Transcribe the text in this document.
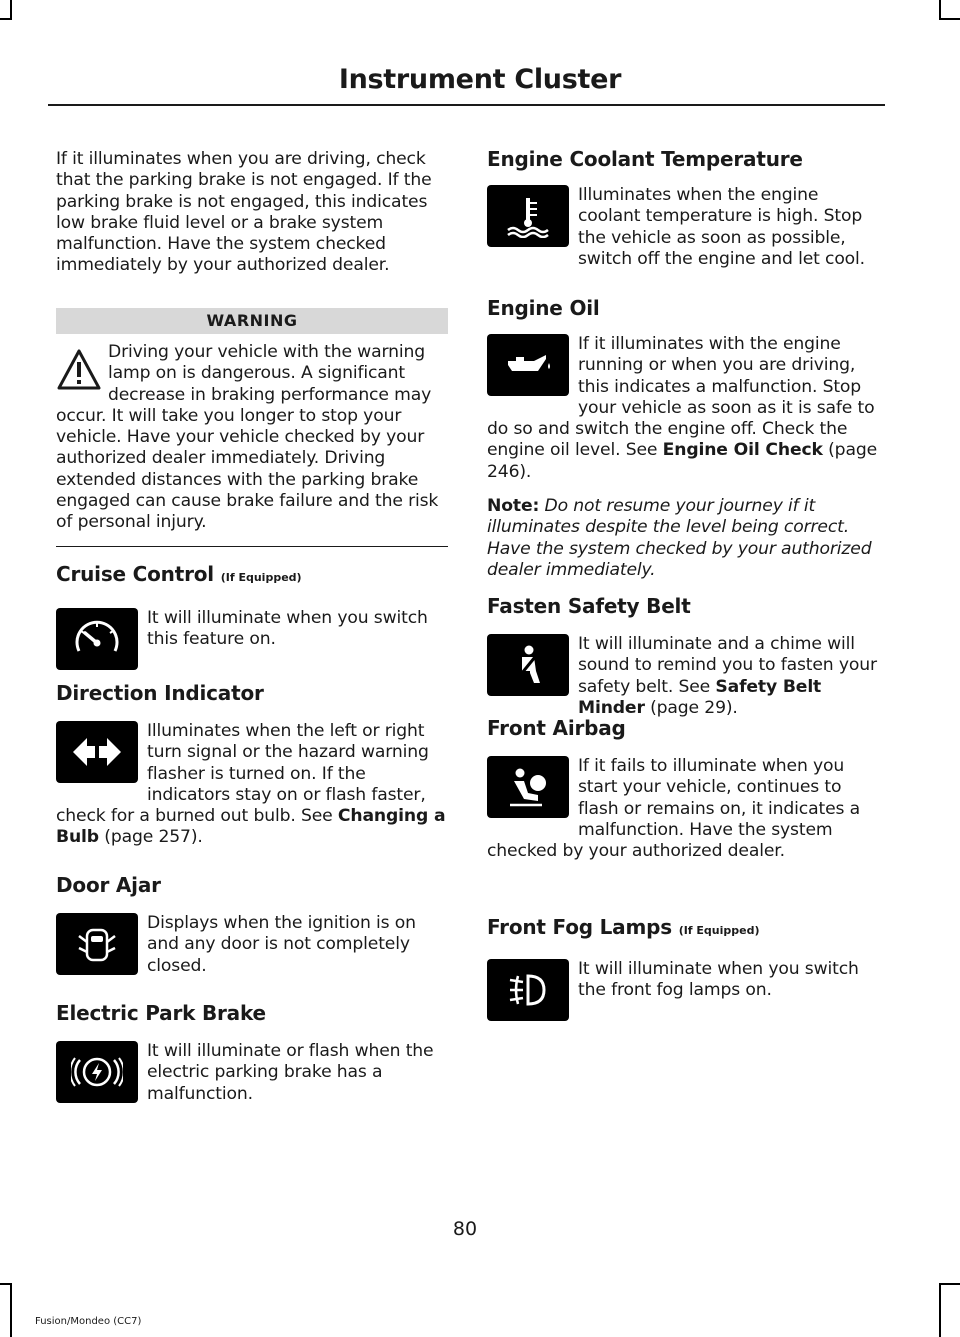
Instrument Cluster

If it illuminates when you are driving, check that the parking brake is not engaged. If the parking brake is not engaged, this indicates low brake fluid level or a brake system malfunction. Have the system checked immediately by your authorized dealer.

WARNING

Driving your vehicle with the warning lamp on is dangerous. A significant decrease in braking performance may occur. It will take you longer to stop your vehicle. Have your vehicle checked by your authorized dealer immediately. Driving extended distances with the parking brake engaged can cause brake failure and the risk of personal injury.

Cruise Control (If Equipped)

It will illuminate when you switch this feature on.

Direction Indicator

Illuminates when the left or right turn signal or the hazard warning flasher is turned on. If the indicators stay on or flash faster, check for a burned out bulb. See Changing a Bulb (page 257).

Door Ajar

Displays when the ignition is on and any door is not completely closed.

Electric Park Brake

It will illuminate or flash when the electric parking brake has a malfunction.

Engine Coolant Temperature

Illuminates when the engine coolant temperature is high. Stop the vehicle as soon as possible, switch off the engine and let cool.

Engine Oil

If it illuminates with the engine running or when you are driving, this indicates a malfunction. Stop your vehicle as soon as it is safe to do so and switch the engine off. Check the engine oil level. See Engine Oil Check (page 246).

Note: Do not resume your journey if it illuminates despite the level being correct. Have the system checked by your authorized dealer immediately.

Fasten Safety Belt

It will illuminate and a chime will sound to remind you to fasten your safety belt. See Safety Belt Minder (page 29).

Front Airbag

If it fails to illuminate when you start your vehicle, continues to flash or remains on, it indicates a malfunction. Have the system checked by your authorized dealer.

Front Fog Lamps (If Equipped)

It will illuminate when you switch the front fog lamps on.

80
Fusion/Mondeo (CC7)
